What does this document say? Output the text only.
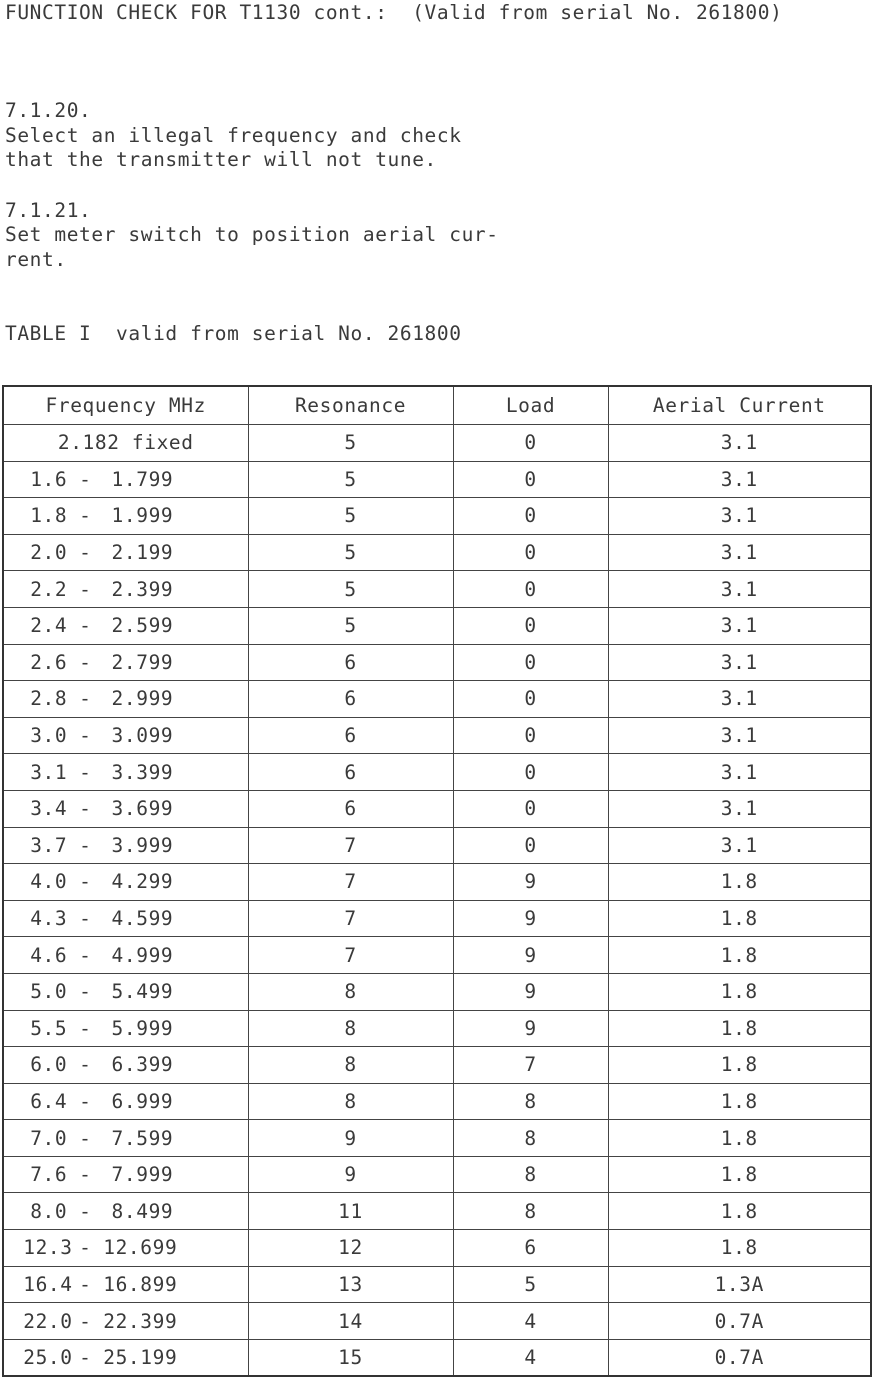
FUNCTION CHECK FOR T1130 cont.:  (Valid from serial No. 261800)

7.1.20.

Select an illegal frequency and check

that the transmitter will not tune.

7.1.21.

Set meter switch to position aerial cur-

rent.

TABLE I  valid from serial No. 261800

Frequency MHz	Resonance	Load	Aerial Current
2.182 fixed	5	0	3.1
1.6 - 1.799	5	0	3.1
1.8 - 1.999	5	0	3.1
2.0 - 2.199	5	0	3.1
2.2 - 2.399	5	0	3.1
2.4 - 2.599	5	0	3.1
2.6 - 2.799	6	0	3.1
2.8 - 2.999	6	0	3.1
3.0 - 3.099	6	0	3.1
3.1 - 3.399	6	0	3.1
3.4 - 3.699	6	0	3.1
3.7 - 3.999	7	0	3.1
4.0 - 4.299	7	9	1.8
4.3 - 4.599	7	9	1.8
4.6 - 4.999	7	9	1.8
5.0 - 5.499	8	9	1.8
5.5 - 5.999	8	9	1.8
6.0 - 6.399	8	7	1.8
6.4 - 6.999	8	8	1.8
7.0 - 7.599	9	8	1.8
7.6 - 7.999	9	8	1.8
8.0 - 8.499	11	8	1.8
12.3 - 12.699	12	6	1.8
16.4 - 16.899	13	5	1.3A
22.0 - 22.399	14	4	0.7A
25.0 - 25.199	15	4	0.7A
